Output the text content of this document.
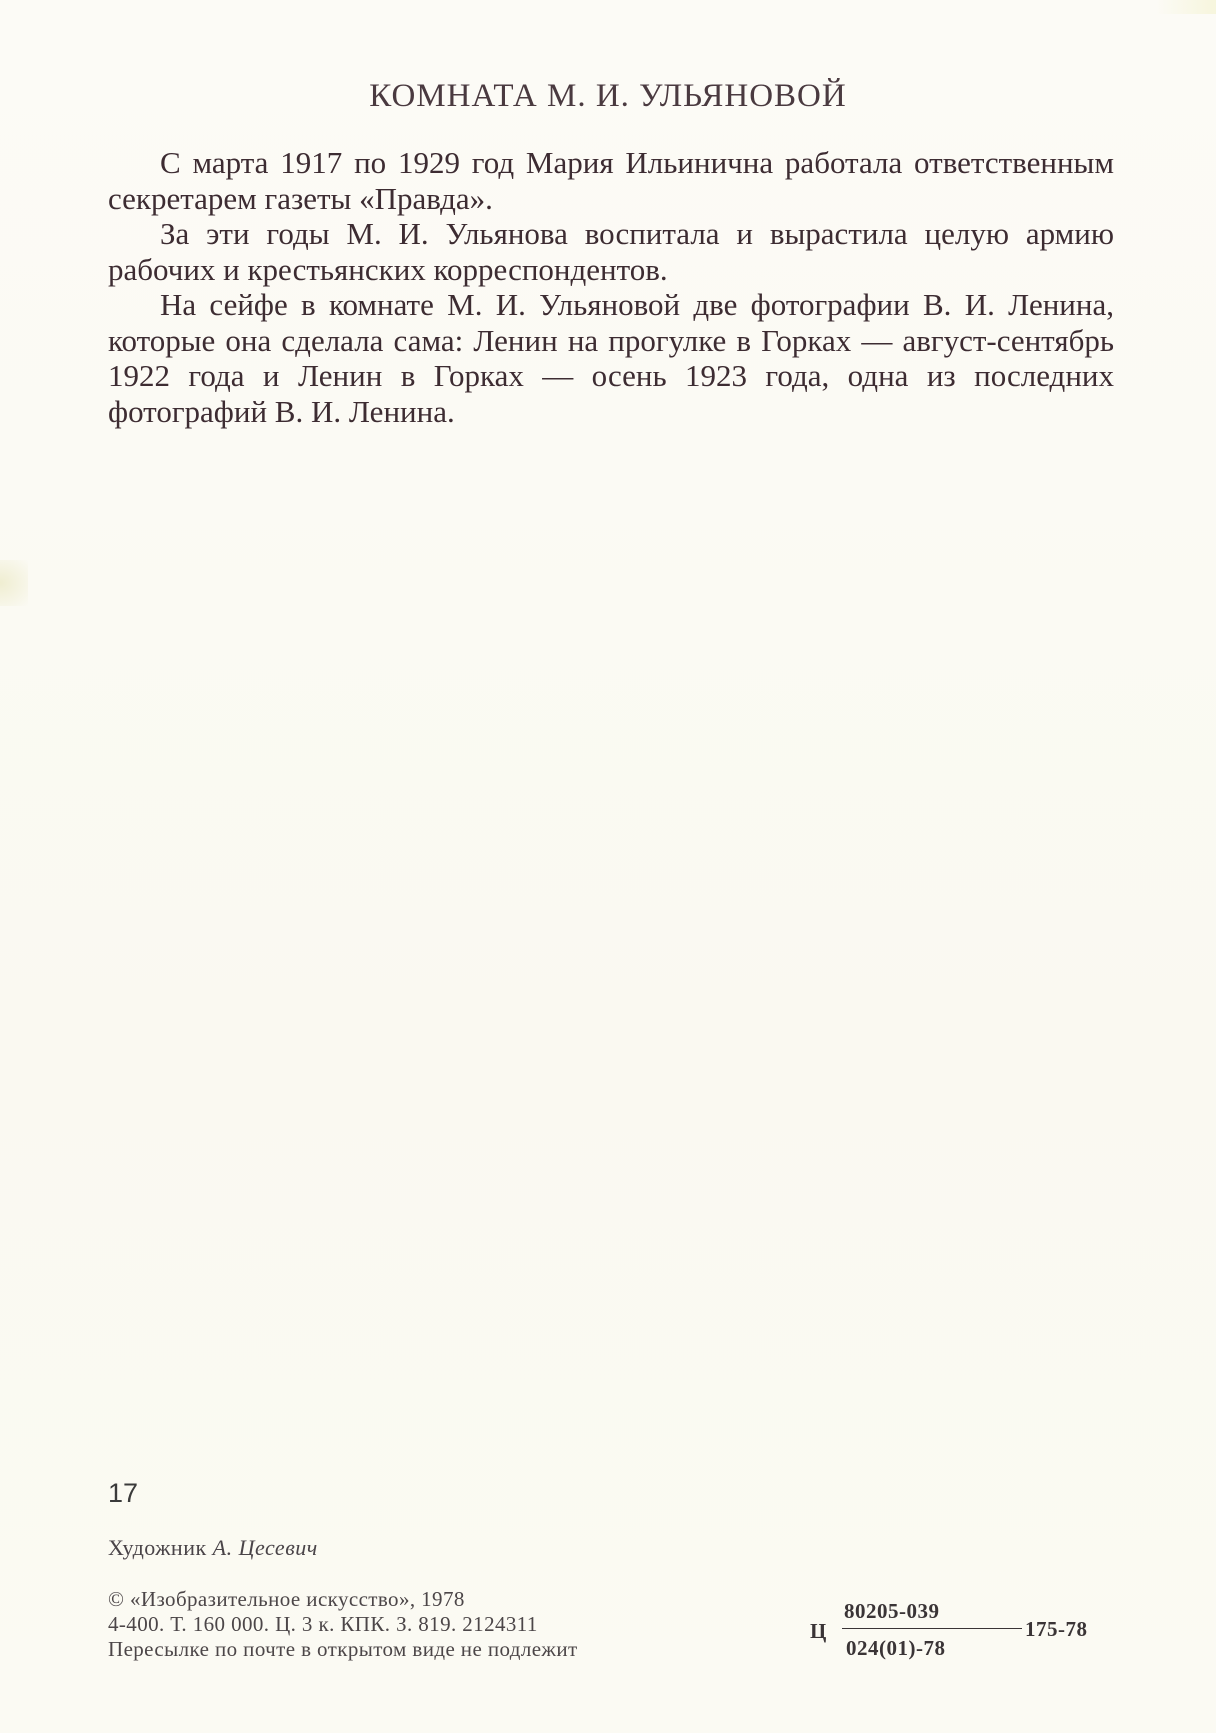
КОМНАТА М. И. УЛЬЯНОВОЙ

С марта 1917 по 1929 год Мария Ильинична работала ответственным секретарем газеты «Правда».

За эти годы М. И. Ульянова воспитала и вырастила целую армию рабочих и крестьянских корреспондентов.

На сейфе в комнате М. И. Ульяновой две фотографии В. И. Ленина, которые она сделала сама: Ленин на прогулке в Горках — август-сентябрь 1922 года и Ленин в Горках — осень 1923 года, одна из последних фотографий В. И. Ленина.

17
Художник А. Цесевич
© «Изобразительное искусство», 1978
4-400. Т. 160 000. Ц. 3 к. КПК. З. 819. 2124311
Пересылке по почте в открытом виде не подлежит
Ц
80205-039
024(01)-78
175-78
